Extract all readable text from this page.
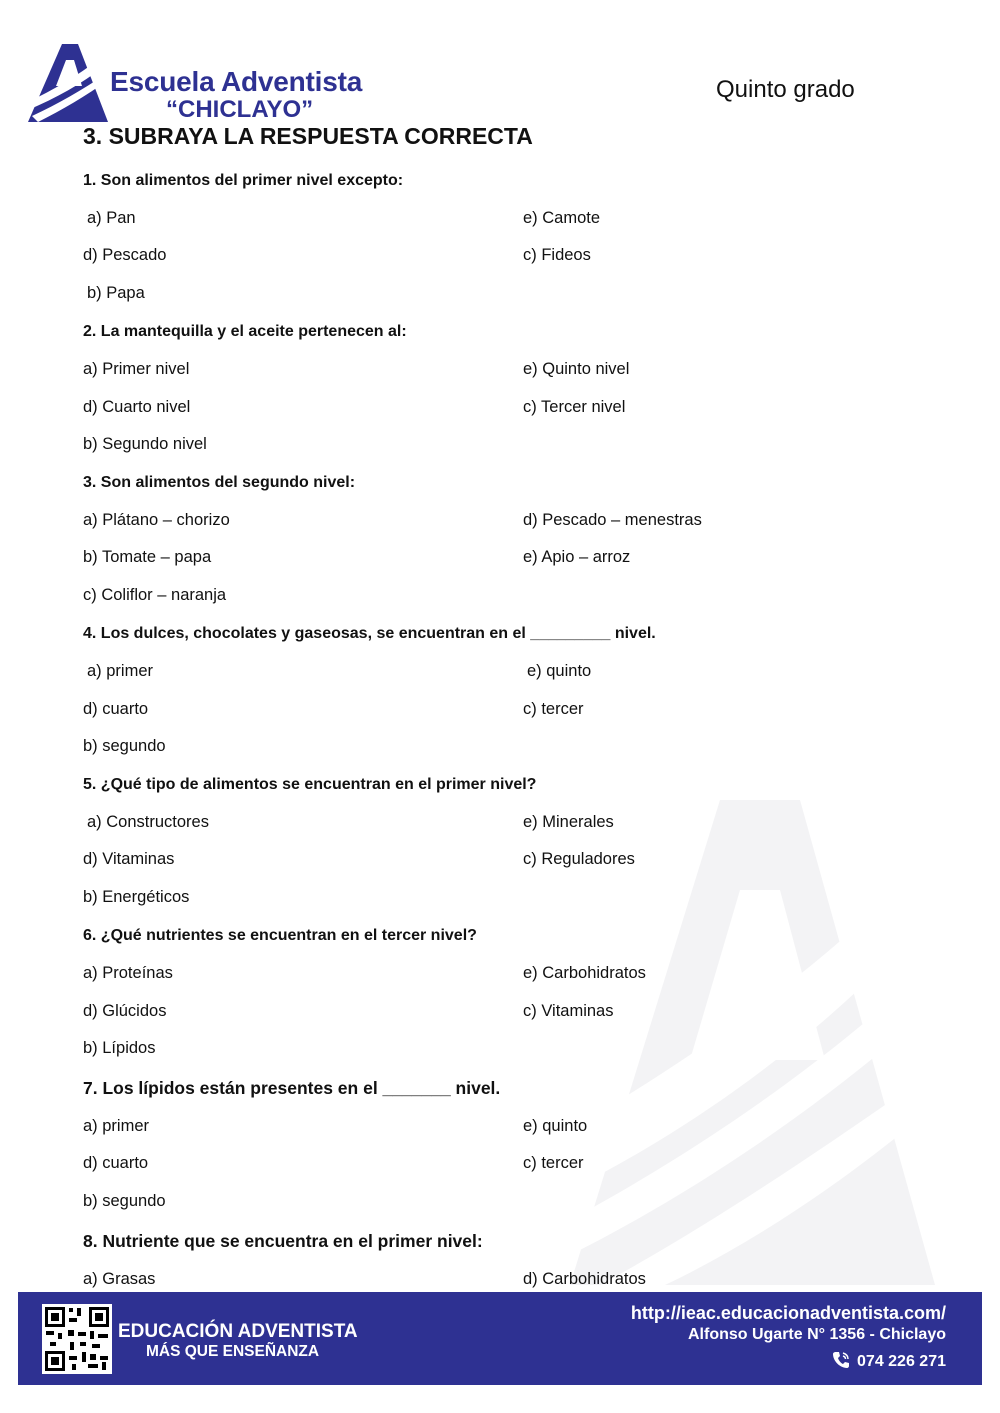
Escuela Adventista
“CHICLAYO”
Quinto grado
3. SUBRAYA LA RESPUESTA CORRECTA
1. Son alimentos del primer nivel excepto:
a) Pan	e) Camote
d) Pescado	c) Fideos
b) Papa
2. La mantequilla y el aceite pertenecen al:
a) Primer nivel	e) Quinto nivel
d) Cuarto nivel	c) Tercer nivel
b) Segundo nivel
3. Son alimentos del segundo nivel:
a) Plátano – chorizo	d) Pescado – menestras
b) Tomate – papa	e) Apio – arroz
c) Coliflor – naranja
4. Los dulces, chocolates y gaseosas, se encuentran en el _________ nivel.
a) primer	e) quinto
d) cuarto	c) tercer
b) segundo
5. ¿Qué tipo de alimentos se encuentran en el primer nivel?
a) Constructores	e) Minerales
d) Vitaminas	c) Reguladores
b) Energéticos
6. ¿Qué nutrientes se encuentran en el tercer nivel?
a) Proteínas	e) Carbohidratos
d) Glúcidos	c) Vitaminas
b) Lípidos
7. Los lípidos están presentes en el _______ nivel.
a) primer	e) quinto
d) cuarto	c) tercer
b) segundo
8. Nutriente que se encuentra en el primer nivel:
a) Grasas	d) Carbohidratos
EDUCACIÓN ADVENTISTA
MÁS QUE ENSEÑANZA
http://ieac.educacionadventista.com/
Alfonso Ugarte N° 1356 - Chiclayo
074 226 271
